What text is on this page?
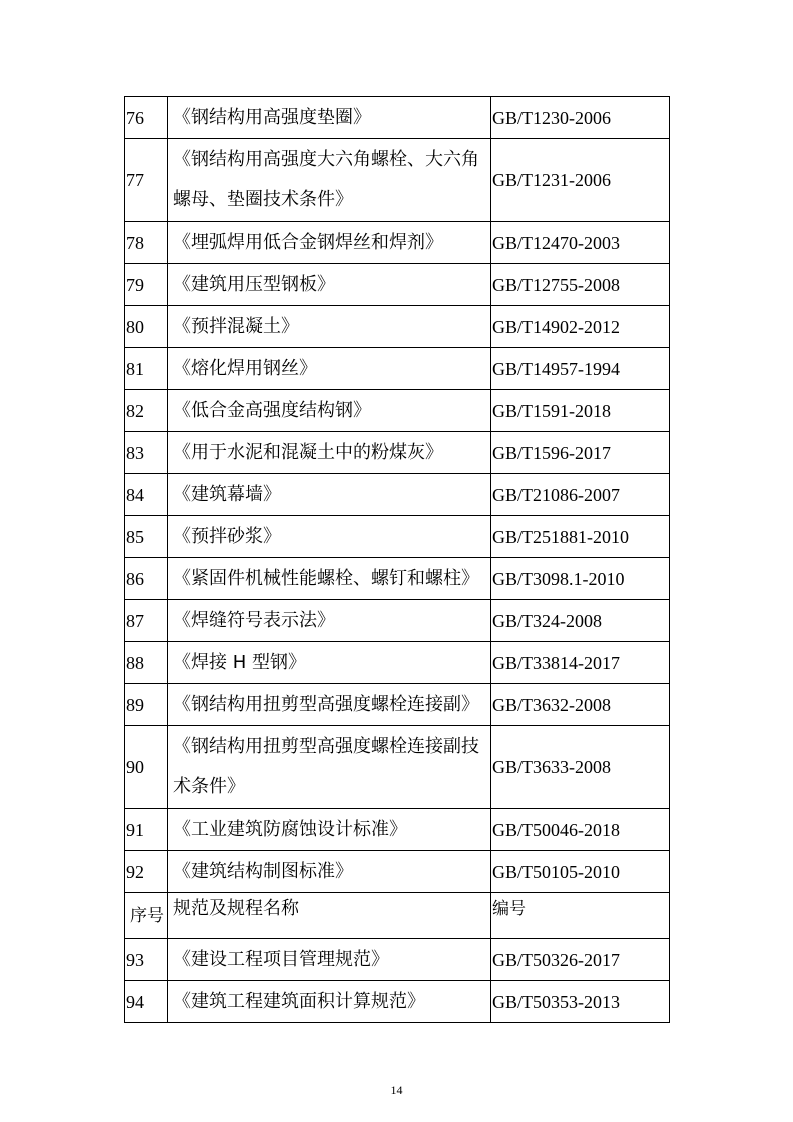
76	《钢结构用高强度垫圈》	GB/T1230-2006
77	《钢结构用高强度大六角螺栓、大六角螺母、垫圈技术条件》	GB/T1231-2006
78	《埋弧焊用低合金钢焊丝和焊剂》	GB/T12470-2003
79	《建筑用压型钢板》	GB/T12755-2008
80	《预拌混凝土》	GB/T14902-2012
81	《熔化焊用钢丝》	GB/T14957-1994
82	《低合金高强度结构钢》	GB/T1591-2018
83	《用于水泥和混凝土中的粉煤灰》	GB/T1596-2017
84	《建筑幕墙》	GB/T21086-2007
85	《预拌砂浆》	GB/T251881-2010
86	《紧固件机械性能螺栓、螺钉和螺柱》	GB/T3098.1-2010
87	《焊缝符号表示法》	GB/T324-2008
88	《焊接 H 型钢》	GB/T33814-2017
89	《钢结构用扭剪型高强度螺栓连接副》	GB/T3632-2008
90	《钢结构用扭剪型高强度螺栓连接副技术条件》	GB/T3633-2008
91	《工业建筑防腐蚀设计标准》	GB/T50046-2018
92	《建筑结构制图标准》	GB/T50105-2010

序号	规范及规程名称	编号
93	《建设工程项目管理规范》	GB/T50326-2017
94	《建筑工程建筑面积计算规范》	GB/T50353-2013
14
